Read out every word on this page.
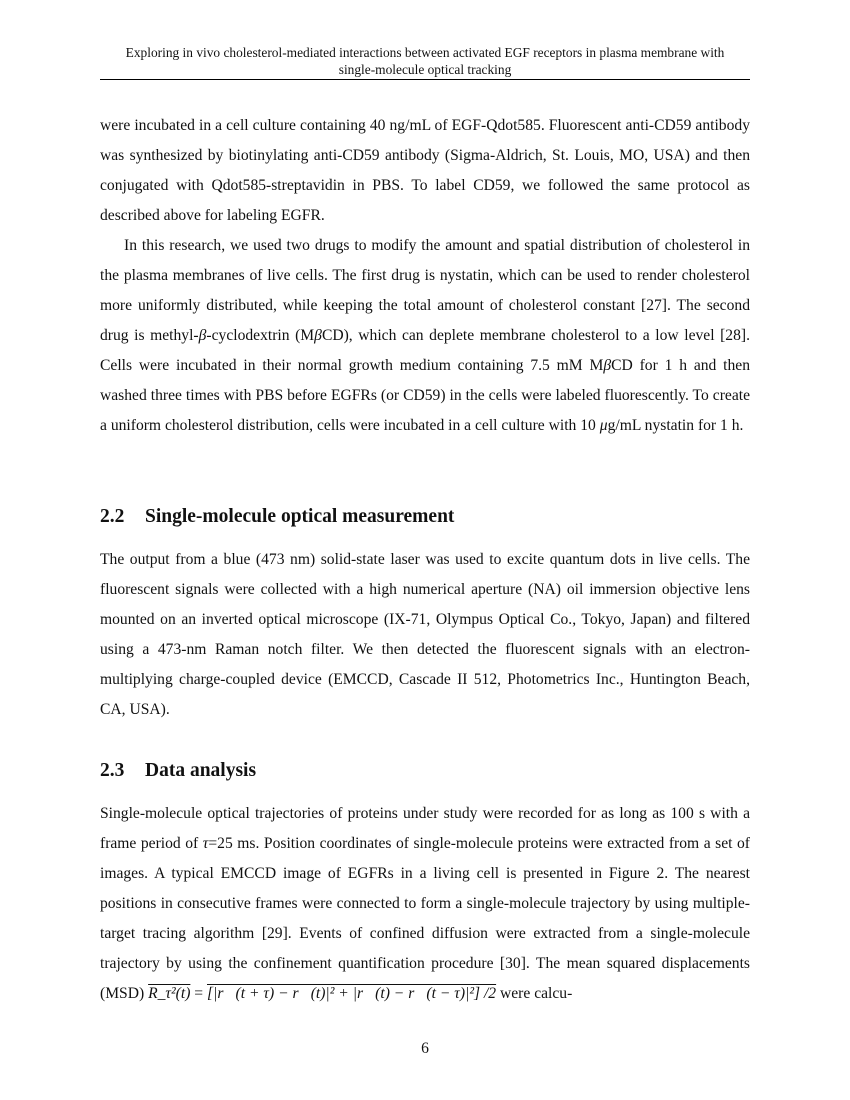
Exploring in vivo cholesterol-mediated interactions between activated EGF receptors in plasma membrane with
single-molecule optical tracking

were incubated in a cell culture containing 40 ng/mL of EGF-Qdot585. Fluorescent anti-CD59 antibody was synthesized by biotinylating anti-CD59 antibody (Sigma-Aldrich, St. Louis, MO, USA) and then conjugated with Qdot585-streptavidin in PBS. To label CD59, we followed the same protocol as described above for labeling EGFR.

In this research, we used two drugs to modify the amount and spatial distribution of cholesterol in the plasma membranes of live cells. The first drug is nystatin, which can be used to render cholesterol more uniformly distributed, while keeping the total amount of cholesterol constant [27]. The second drug is methyl-β-cyclodextrin (MβCD), which can deplete membrane cholesterol to a low level [28]. Cells were incubated in their normal growth medium containing 7.5 mM MβCD for 1 h and then washed three times with PBS before EGFRs (or CD59) in the cells were labeled fluorescently. To create a uniform cholesterol distribution, cells were incubated in a cell culture with 10 μg/mL nystatin for 1 h.

2.2 Single-molecule optical measurement

The output from a blue (473 nm) solid-state laser was used to excite quantum dots in live cells. The fluorescent signals were collected with a high numerical aperture (NA) oil immersion objective lens mounted on an inverted optical microscope (IX-71, Olympus Optical Co., Tokyo, Japan) and filtered using a 473-nm Raman notch filter. We then detected the fluorescent signals with an electron-multiplying charge-coupled device (EMCCD, Cascade II 512, Photometrics Inc., Huntington Beach, CA, USA).

2.3 Data analysis

Single-molecule optical trajectories of proteins under study were recorded for as long as 100 s with a frame period of τ=25 ms. Position coordinates of single-molecule proteins were extracted from a set of images. A typical EMCCD image of EGFRs in a living cell is presented in Figure 2. The nearest positions in consecutive frames were connected to form a single-molecule trajectory by using multiple-target tracing algorithm [29]. Events of confined diffusion were extracted from a single-molecule trajectory by using the confinement quantification procedure [30]. The mean squared displacements (MSD) R_τ²(t) = [|r⃗(t + τ) − r⃗(t)|² + |r⃗(t) − r⃗(t − τ)|²] /2 were calcu-

6
